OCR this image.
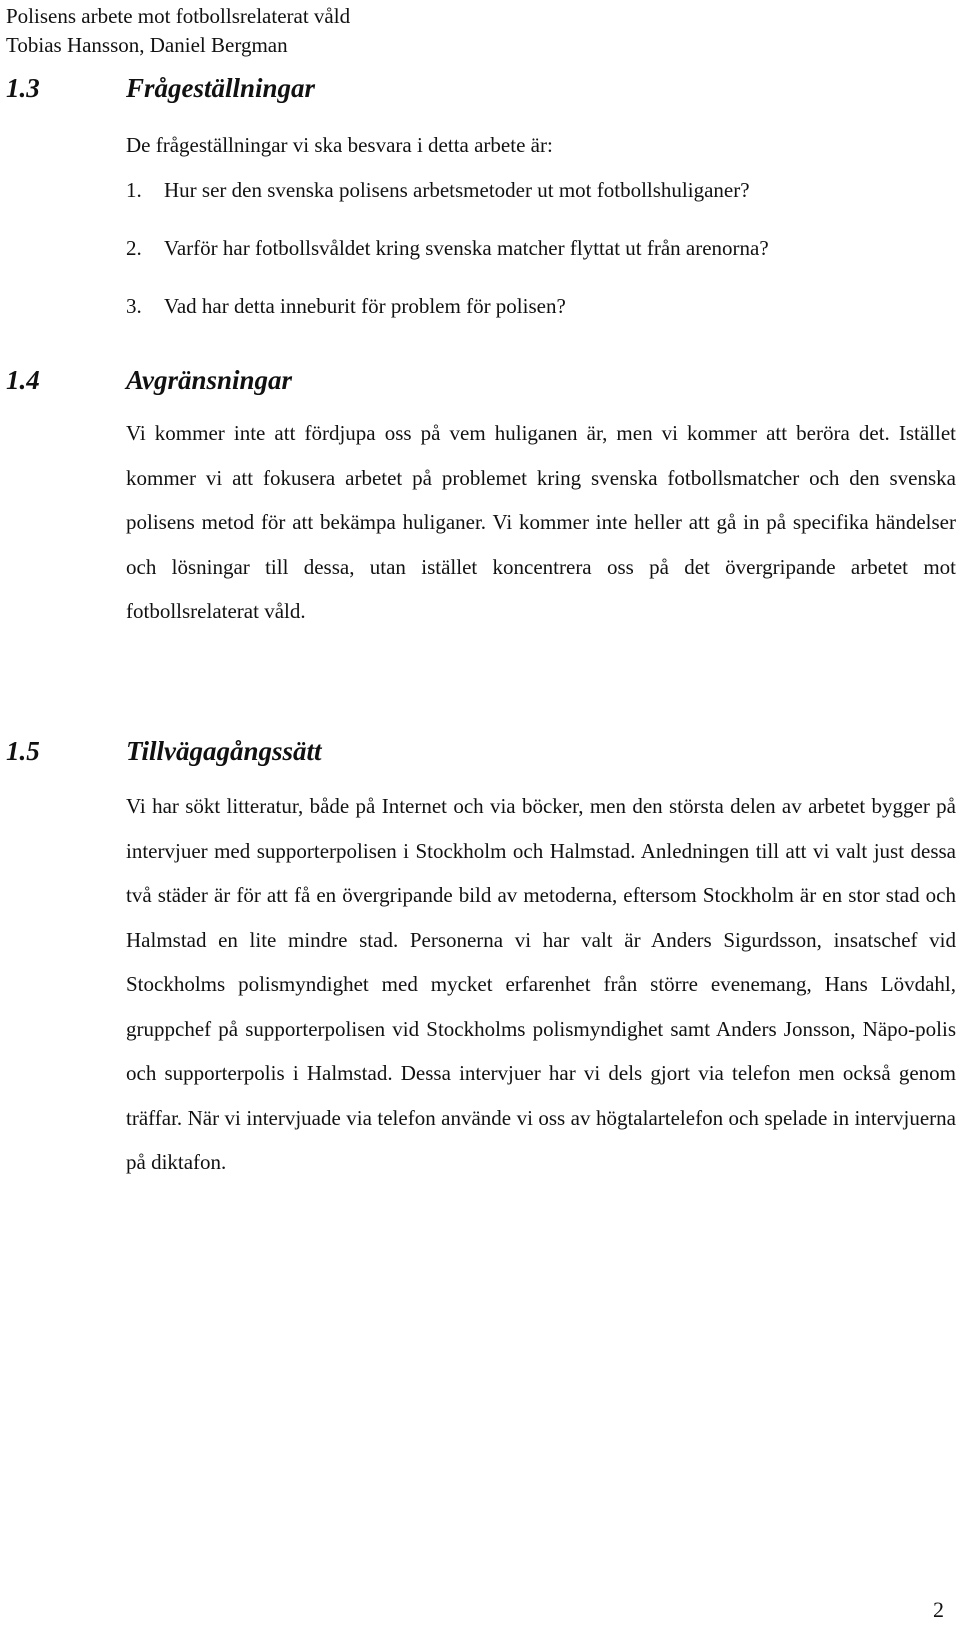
Polisens arbete mot fotbollsrelaterat våld
Tobias Hansson, Daniel Bergman
1.3	Frågeställningar
De frågeställningar vi ska besvara i detta arbete är:
1. Hur ser den svenska polisens arbetsmetoder ut mot fotbollshuliganer?
2. Varför har fotbollsvåldet kring svenska matcher flyttat ut från arenorna?
3. Vad har detta inneburit för problem för polisen?
1.4	Avgränsningar

Vi kommer inte att fördjupa oss på vem huliganen är, men vi kommer att beröra det. Istället kommer vi att fokusera arbetet på problemet kring svenska fotbollsmatcher och den svenska polisens metod för att bekämpa huliganer. Vi kommer inte heller att gå in på specifika händelser och lösningar till dessa, utan istället koncentrera oss på det övergripande arbetet mot fotbollsrelaterat våld.

1.5	Tillvägagångssätt

Vi har sökt litteratur, både på Internet och via böcker, men den största delen av arbetet bygger på intervjuer med supporterpolisen i Stockholm och Halmstad. Anledningen till att vi valt just dessa två städer är för att få en övergripande bild av metoderna, eftersom Stockholm är en stor stad och Halmstad en lite mindre stad. Personerna vi har valt är Anders Sigurdsson, insatschef vid Stockholms polismyndighet med mycket erfarenhet från större evenemang, Hans Lövdahl, gruppchef på supporterpolisen vid Stockholms polismyndighet samt Anders Jonsson, Näpo-polis och supporterpolis i Halmstad. Dessa intervjuer har vi dels gjort via telefon men också genom träffar. När vi intervjuade via telefon använde vi oss av högtalartelefon och spelade in intervjuerna på diktafon.

2
